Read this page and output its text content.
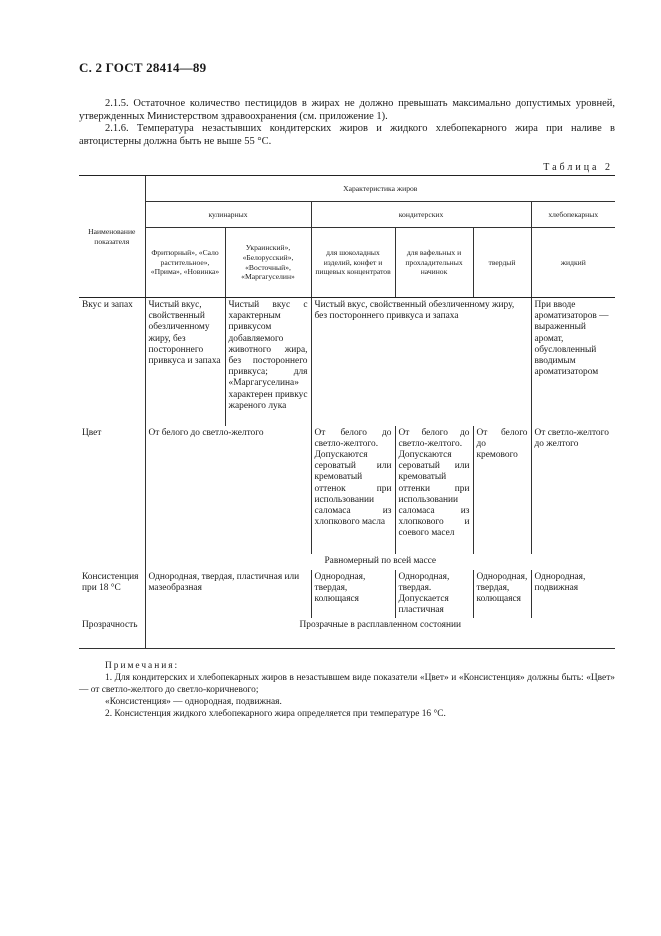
С. 2 ГОСТ 28414—89
2.1.5. Остаточное количество пестицидов в жирах не должно превышать максимально допустимых уровней, утвержденных Министерством здравоохранения (см. приложение 1).
2.1.6. Температура незастывших кондитерских жиров и жидкого хлебопекарного жира при наливе в автоцистерны должна быть не выше 55 °С.
Таблица 2
Наименование показателя	Характеристика жиров					
	кулинарных		кондитерских			хлебопекарных
	Фритюрный», «Сало растительное», «Прима», «Новинка»	Украинский», «Белорусский», «Восточный», «Маргагуселин»	для шоколадных изделий, конфет и пищевых концентратов	для вафельных и прохладительных начинок	твердый	жидкий
Вкус и запах	Чистый вкус, свойственный обезличенному жиру, без постороннего привкуса и запаха	Чистый вкус с характерным привкусом добавляемого животного жира, без постороннего привкуса; для «Маргагуселина» характерен привкус жареного лука	Чистый вкус, свойственный обезличенному жиру, без постороннего привкуса и запаха			При вводе ароматизаторов — выраженный аромат, обусловленный вводимым ароматизатором
Цвет	От белого до светло-желтого		От белого до светло-желтого. Допускаются сероватый или кремоватый оттенок при использовании саломаса из хлопкового масла	От белого до светло-желтого. Допускаются сероватый или кремоватый оттенки при использовании саломаса из хлопкового и соевого масел	От белого до кремового	От светло-желтого до желтого
	Равномерный по всей массе					
Консистенция при 18 °С	Однородная, твердая, пластичная или мазеобразная		Однородная, твердая, колющаяся	Однородная, твердая. Допускается пластичная	Однородная, твердая, колющаяся	Однородная, подвижная
Прозрачность	Прозрачные в расплавленном состоянии					
Примечания:
1. Для кондитерских и хлебопекарных жиров в незастывшем виде показатели «Цвет» и «Консистенция» должны быть: «Цвет» — от светло-желтого до светло-коричневого;
«Консистенция» — однородная, подвижная.
2. Консистенция жидкого хлебопекарного жира определяется при температуре 16 °С.
